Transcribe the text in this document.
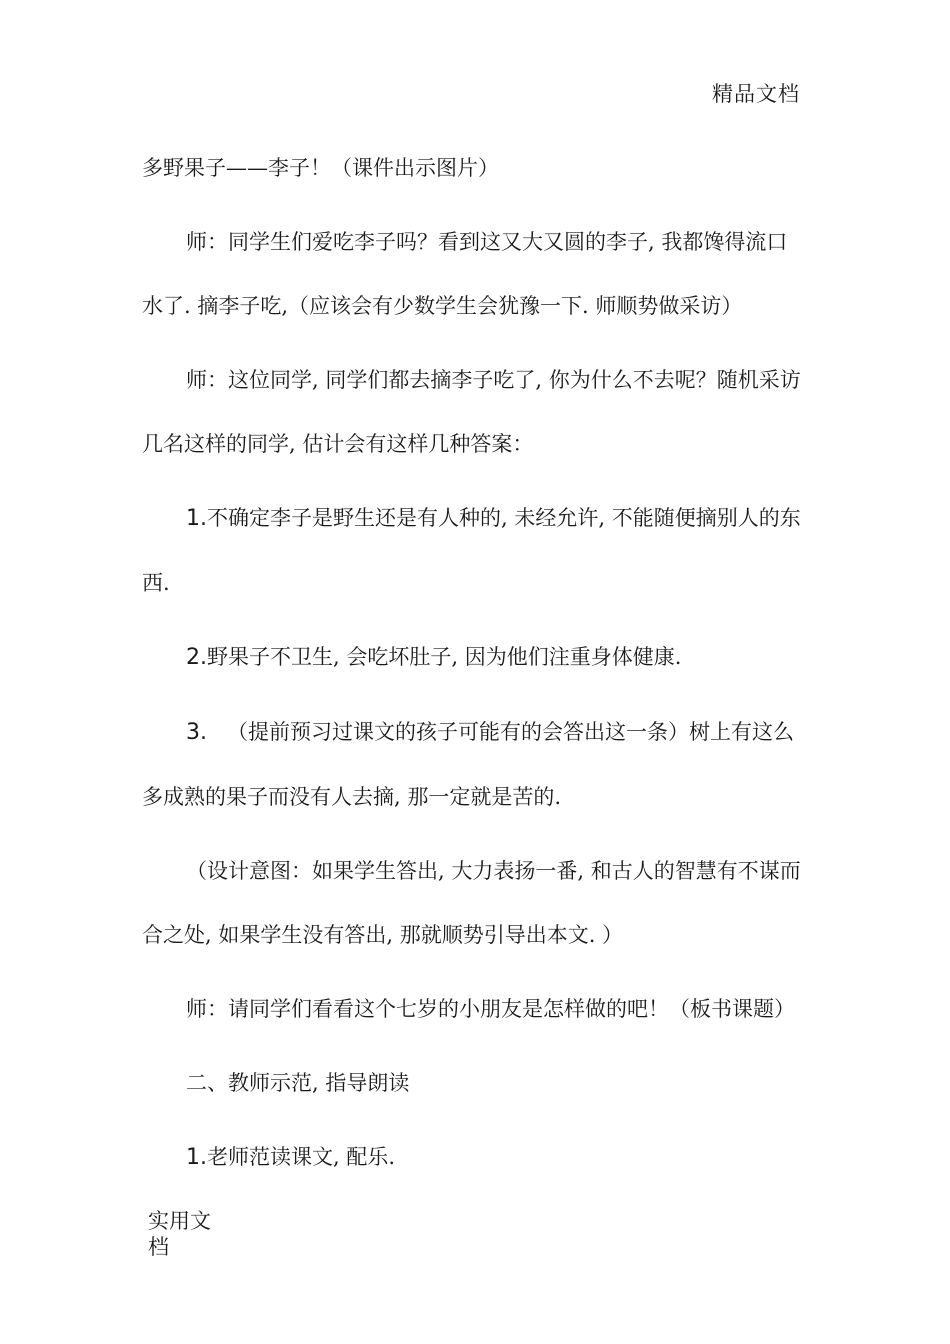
精品文档

多野果子——李子！（课件出示图片）

师：同学生们爱吃李子吗？看到这又大又圆的李子, 我都馋得流口水了. 摘李子吃,（应该会有少数学生会犹豫一下. 师顺势做采访）

师：这位同学, 同学们都去摘李子吃了, 你为什么不去呢？随机采访几名这样的同学, 估计会有这样几种答案：

1.不确定李子是野生还是有人种的, 未经允许, 不能随便摘别人的东西.

2.野果子不卫生, 会吃坏肚子, 因为他们注重身体健康.

3. （提前预习过课文的孩子可能有的会答出这一条）树上有这么多成熟的果子而没有人去摘, 那一定就是苦的.

（设计意图：如果学生答出, 大力表扬一番, 和古人的智慧有不谋而合之处, 如果学生没有答出, 那就顺势引导出本文. ）

师：请同学们看看这个七岁的小朋友是怎样做的吧！（板书课题）

二、教师示范, 指导朗读

1.老师范读课文, 配乐.

实用文档
